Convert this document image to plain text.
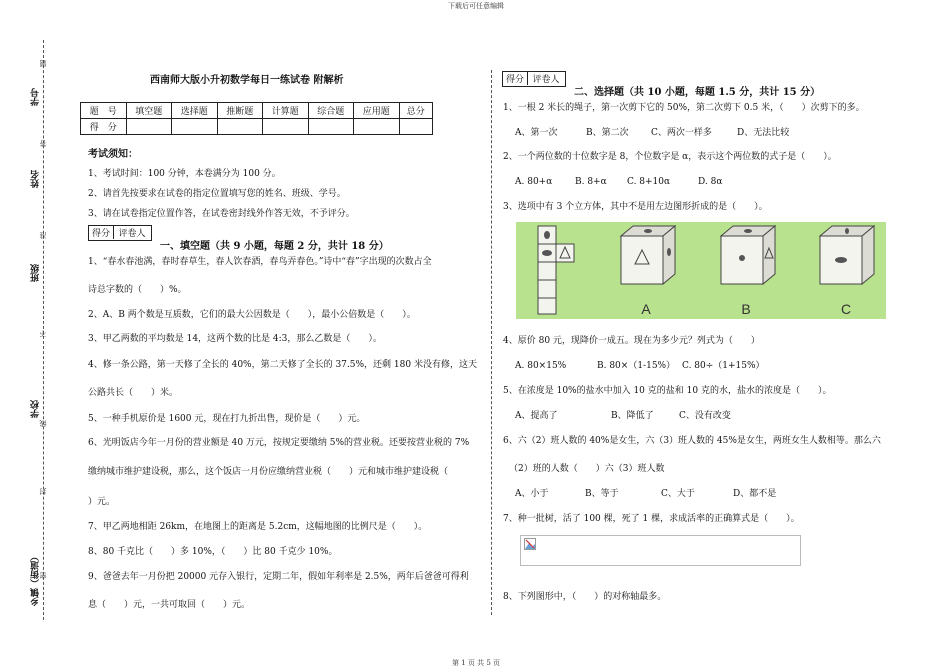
下载后可任意编辑
第 1 页 共 5 页
学号
姓名
班级
学校
乡镇（街道）
题
答
准
不
线
封
密
西南师大版小升初数学每日一练试卷 附解析
题　号	填空题	选择题	推断题	计算题	综合题	应用题	总分
得　分							
考试须知：
1、考试时间：100 分钟，本卷满分为 100 分。
2、请首先按要求在试卷的指定位置填写您的姓名、班级、学号。
3、请在试卷指定位置作答，在试卷密封线外作答无效，不予评分。
得分 评卷人
一、填空题（共 9 小题，每题 2 分，共计 18 分）
1、“春水春池满，春时春草生，春人饮春酒，春鸟弄春色。”诗中“春”字出现的次数占全
诗总字数的（　　）%。
2、A、B 两个数是互质数，它们的最大公因数是（　　），最小公倍数是（　　）。
3、甲乙两数的平均数是 14，这两个数的比是 4:3，那么乙数是（　　）。
4、修一条公路，第一天修了全长的 40%，第二天修了全长的 37.5%，还剩 180 米没有修，这天
公路共长（　　）米。
5、一种手机原价是 1600 元，现在打九折出售，现价是（　　）元。
6、光明饭店今年一月份的营业额是 40 万元，按规定要缴纳 5%的营业税。还要按营业税的 7%
缴纳城市维护建设税，那么，这个饭店一月份应缴纳营业税（　　）元和城市维护建设税（
）元。
7、甲乙两地相距 26km，在地图上的距离是 5.2cm，这幅地图的比例尺是（　　）。
8、80 千克比（　　）多 10%，（　　）比 80 千克少 10%。
9、爸爸去年一月份把 20000 元存入银行，定期二年，假如年利率是 2.5%，两年后爸爸可得利
息（　　）元，一共可取回（　　）元。
得分 评卷人
二、选择题（共 10 小题，每题 1.5 分，共计 15 分）
1、一根 2 米长的绳子，第一次剪下它的 50%，第二次剪下 0.5 米，（　　）次剪下的多。
A、第一次	B、第二次 C、两次一样多	D、无法比较
2、一个两位数的十位数字是 8，个位数字是 α，表示这个两位数的式子是（　　）。
A. 80+α	B. 8+α C. 8+10α	D. 8α
3、选项中有 3 个立方体，其中不是用左边图形折成的是（　　）。
A	B	C
4、原价 80 元，现降价一成五。现在为多少元？列式为（　　）
A. 80×15%	B. 80×（1-15%） C. 80÷（1+15%）
5、在浓度是 10%的盐水中加入 10 克的盐和 10 克的水，盐水的浓度是（　　）。
A、提高了	B、降低了	C、没有改变
6、六（2）班人数的 40%是女生，六（3）班人数的 45%是女生，两班女生人数相等。那么六
（2）班的人数（　　）六（3）班人数
A、小于	B、等于	C、大于	D、都不是
7、种一批树，活了 100 棵，死了 1 棵，求成活率的正确算式是（　　）。
8、下列图形中，（　　）的对称轴最多。
